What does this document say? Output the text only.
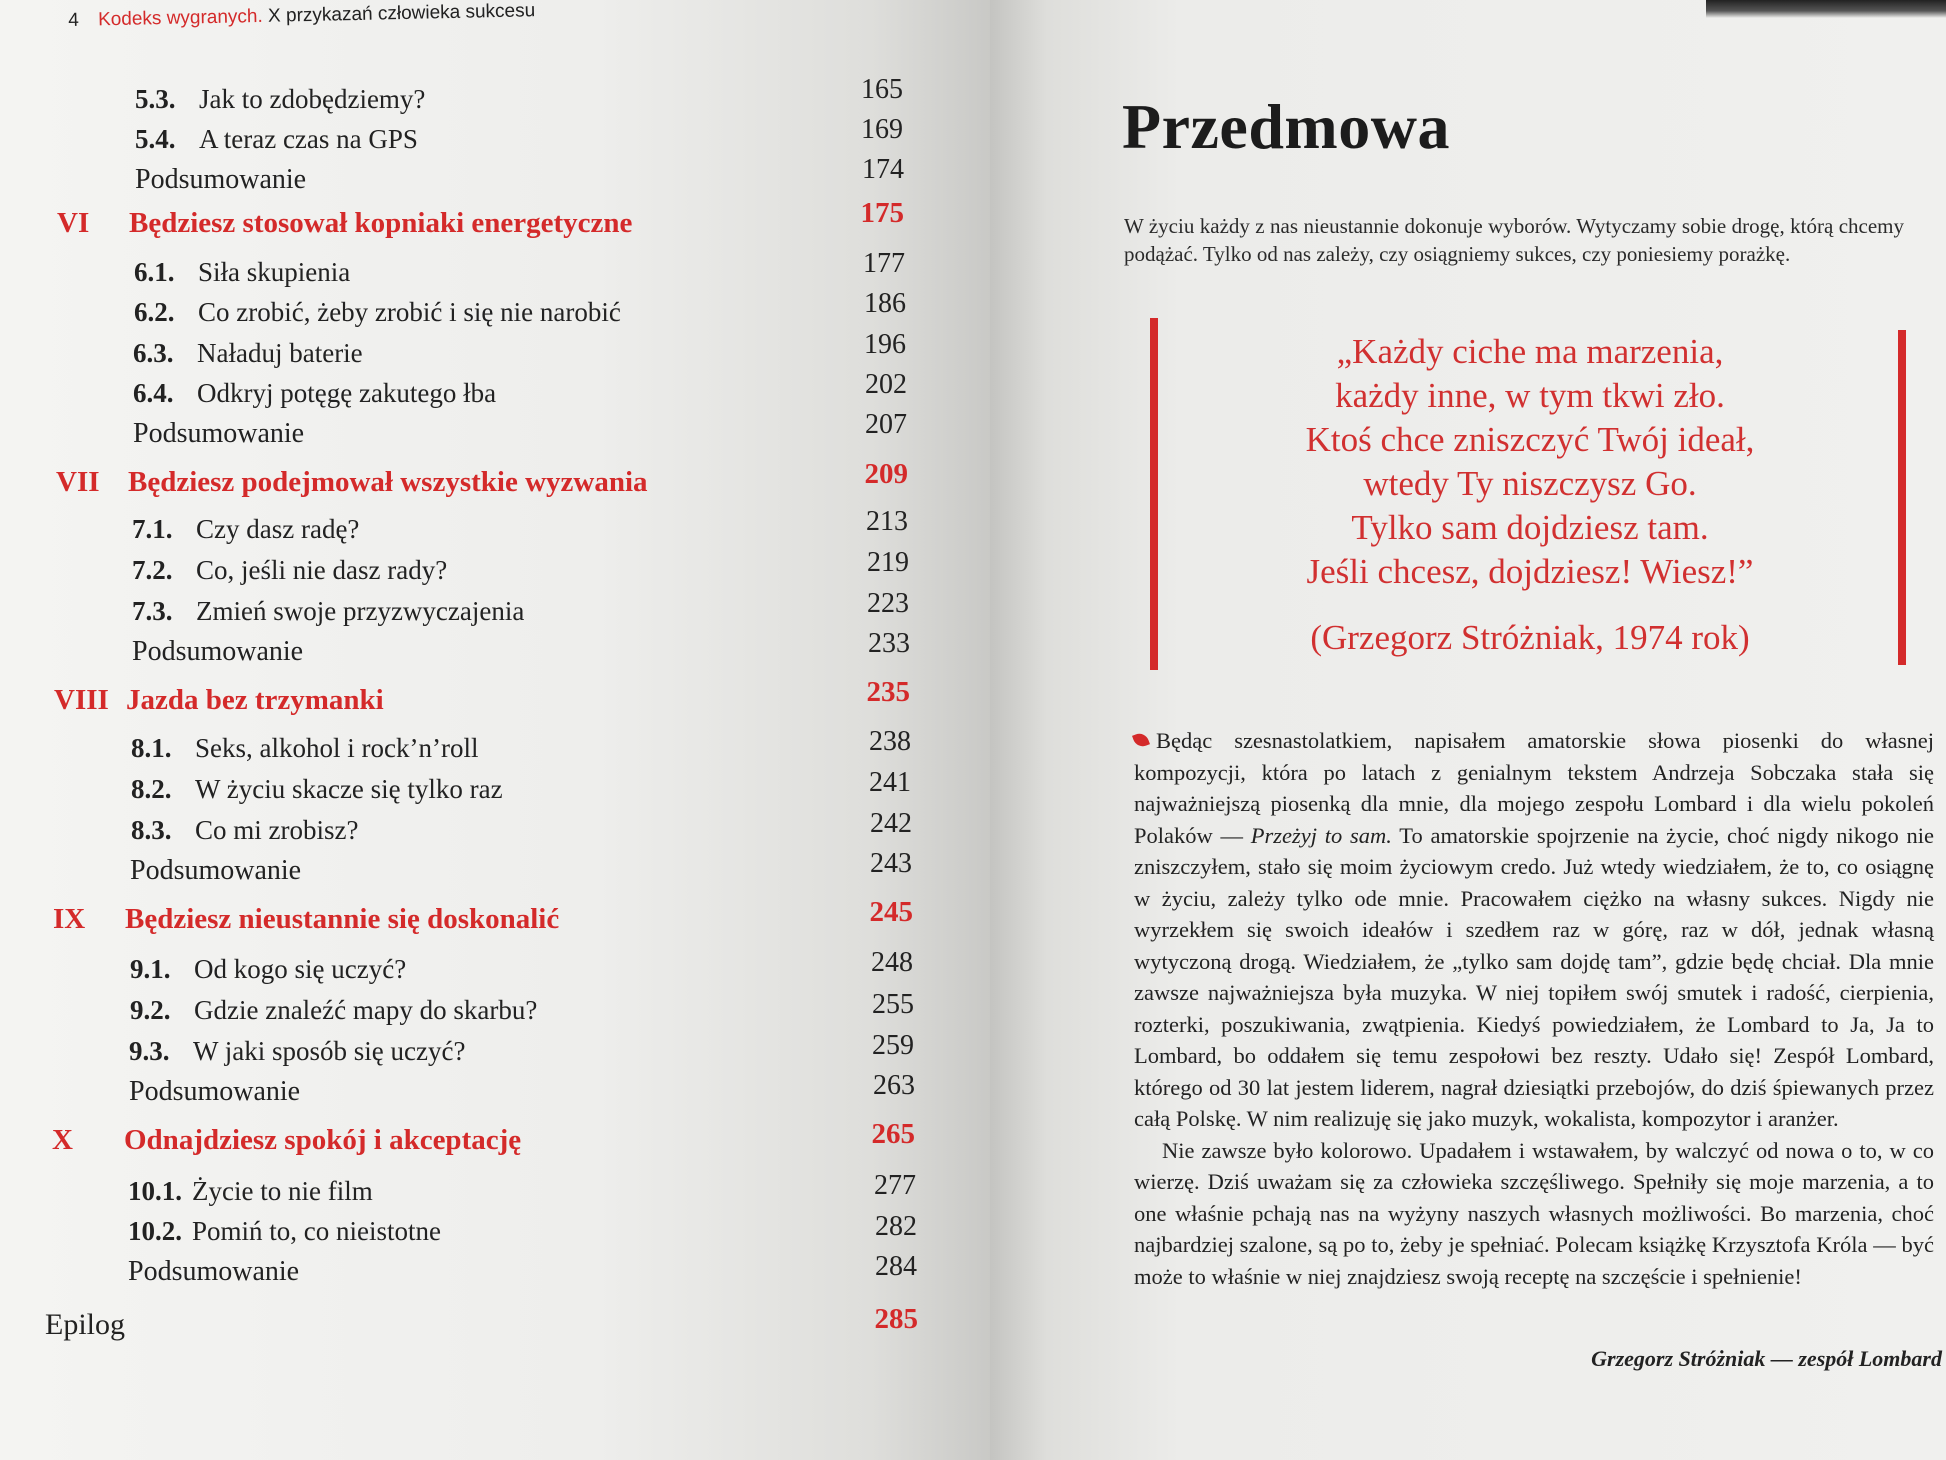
4 Kodeks wygranych. X przykazań człowieka sukcesu
5.3. Jak to zdobędziemy?	165
5.4. A teraz czas na GPS	169
Podsumowanie	174
VI	Będziesz stosował kopniaki energetyczne	175
6.1. Siła skupienia	177
6.2. Co zrobić, żeby zrobić i się nie narobić	186
6.3. Naładuj baterie	196
6.4. Odkryj potęgę zakutego łba	202
Podsumowanie	207
VII Będziesz podejmował wszystkie wyzwania	209
7.1. Czy dasz radę?	213
7.2. Co, jeśli nie dasz rady?	219
7.3. Zmień swoje przyzwyczajenia	223
Podsumowanie	233
VIII Jazda bez trzymanki	235
8.1. Seks, alkohol i rock’n’roll	238
8.2. W życiu skacze się tylko raz	241
8.3. Co mi zrobisz?	242
Podsumowanie	243
IX	Będziesz nieustannie się doskonalić	245
9.1. Od kogo się uczyć?	248
9.2. Gdzie znaleźć mapy do skarbu?	255
9.3. W jaki sposób się uczyć?	259
Podsumowanie	263
X	Odnajdziesz spokój i akceptację	265
10.1. Życie to nie film	277
10.2. Pomiń to, co nieistotne	282
Podsumowanie	284
Epilog	285
Przedmowa
W życiu każdy z nas nieustannie dokonuje wyborów. Wytyczamy sobie drogę, którą chcemy podążać. Tylko od nas zależy, czy osiągniemy sukces, czy poniesiemy porażkę.
„Każdy ciche ma marzenia,
każdy inne, w tym tkwi zło.
Ktoś chce zniszczyć Twój ideał,
wtedy Ty niszczysz Go.
Tylko sam dojdziesz tam.
Jeśli chcesz, dojdziesz! Wiesz!”
(Grzegorz Stróżniak, 1974 rok)

Będąc szesnastolatkiem, napisałem amatorskie słowa piosenki do własnej kompozycji, która po latach z genialnym tekstem Andrzeja Sobczaka stała się najważniejszą piosenką dla mnie, dla mojego zespołu Lombard i dla wielu pokoleń Polaków — Przeżyj to sam. To amatorskie spojrzenie na życie, choć nigdy nikogo nie zniszczyłem, stało się moim życiowym credo. Już wtedy wiedziałem, że to, co osiągnę w życiu, zależy tylko ode mnie. Pracowałem ciężko na własny sukces. Nigdy nie wyrzekłem się swoich ideałów i szedłem raz w górę, raz w dół, jednak własną wytyczoną drogą. Wiedziałem, że „tylko sam dojdę tam”, gdzie będę chciał. Dla mnie zawsze najważniejsza była muzyka. W niej topiłem swój smutek i radość, cierpienia, rozterki, poszukiwania, zwątpienia. Kiedyś powiedziałem, że Lombard to Ja, Ja to Lombard, bo oddałem się temu zespołowi bez reszty. Udało się! Zespół Lombard, którego od 30 lat jestem liderem, nagrał dziesiątki przebojów, do dziś śpiewanych przez całą Polskę. W nim realizuję się jako muzyk, wokalista, kompozytor i aranżer.

Nie zawsze było kolorowo. Upadałem i wstawałem, by walczyć od nowa o to, w co wierzę. Dziś uważam się za człowieka szczęśliwego. Spełniły się moje marzenia, a to one właśnie pchają nas na wyżyny naszych własnych możliwości. Bo marzenia, choć najbardziej szalone, są po to, żeby je spełniać. Polecam książkę Krzysztofa Króla — być może to właśnie w niej znajdziesz swoją receptę na szczęście i spełnienie!

Grzegorz Stróżniak — zespół Lombard
